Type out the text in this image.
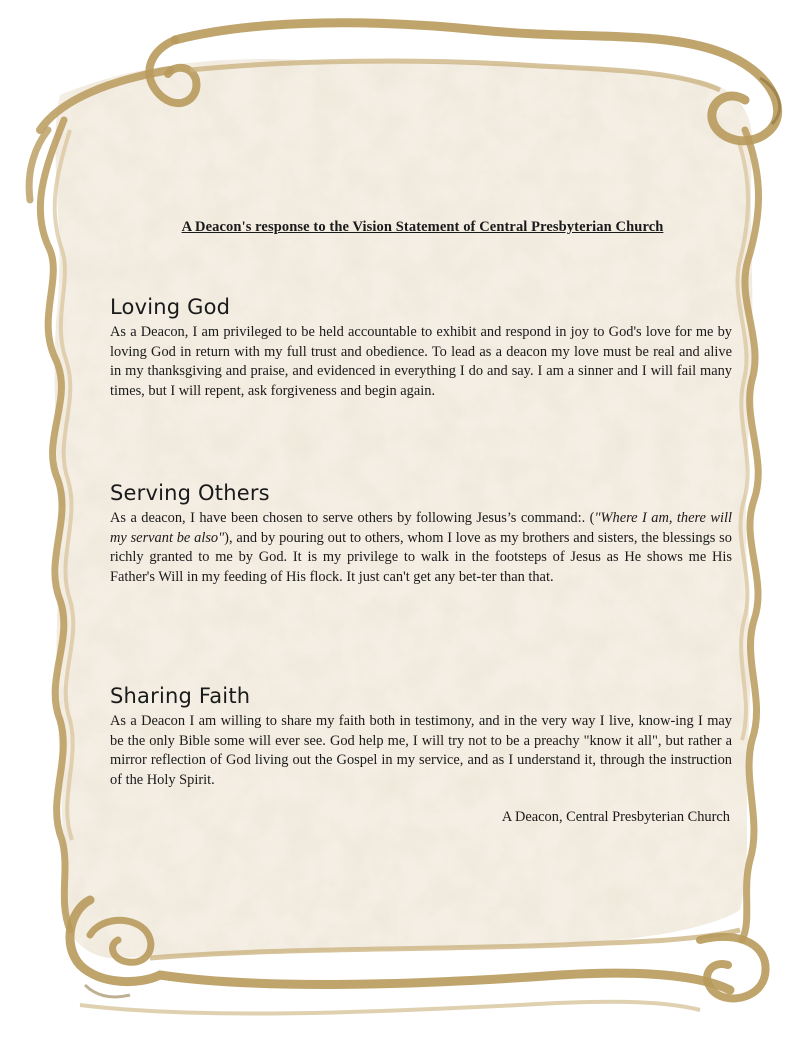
A Deacon's response to the Vision Statement of Central Presbyterian Church
Loving God

As a Deacon, I am privileged to be held accountable to exhibit and respond in joy to God's love for me by loving God in return with my full trust and obedience. To lead as a deacon my love must be real and alive in my thanksgiving and praise, and evidenced in everything I do and say. I am a sinner and I will fail many times, but I will repent, ask forgiveness and begin again.

Serving Others

As a deacon, I have been chosen to serve others by following Jesus’s command:. ("Where I am, there will my servant be also"), and by pouring out to others, whom I love as my brothers and sisters, the blessings so richly granted to me by God. It is my privilege to walk in the footsteps of Jesus as He shows me His Father's Will in my feeding of His flock. It just can't get any bet-ter than that.

Sharing Faith

As a Deacon I am willing to share my faith both in testimony, and in the very way I live, know-ing I may be the only Bible some will ever see. God help me, I will try not to be a preachy "know it all", but rather a mirror reflection of God living out the Gospel in my service, and as I understand it, through the instruction of the Holy Spirit.

A Deacon, Central Presbyterian Church
